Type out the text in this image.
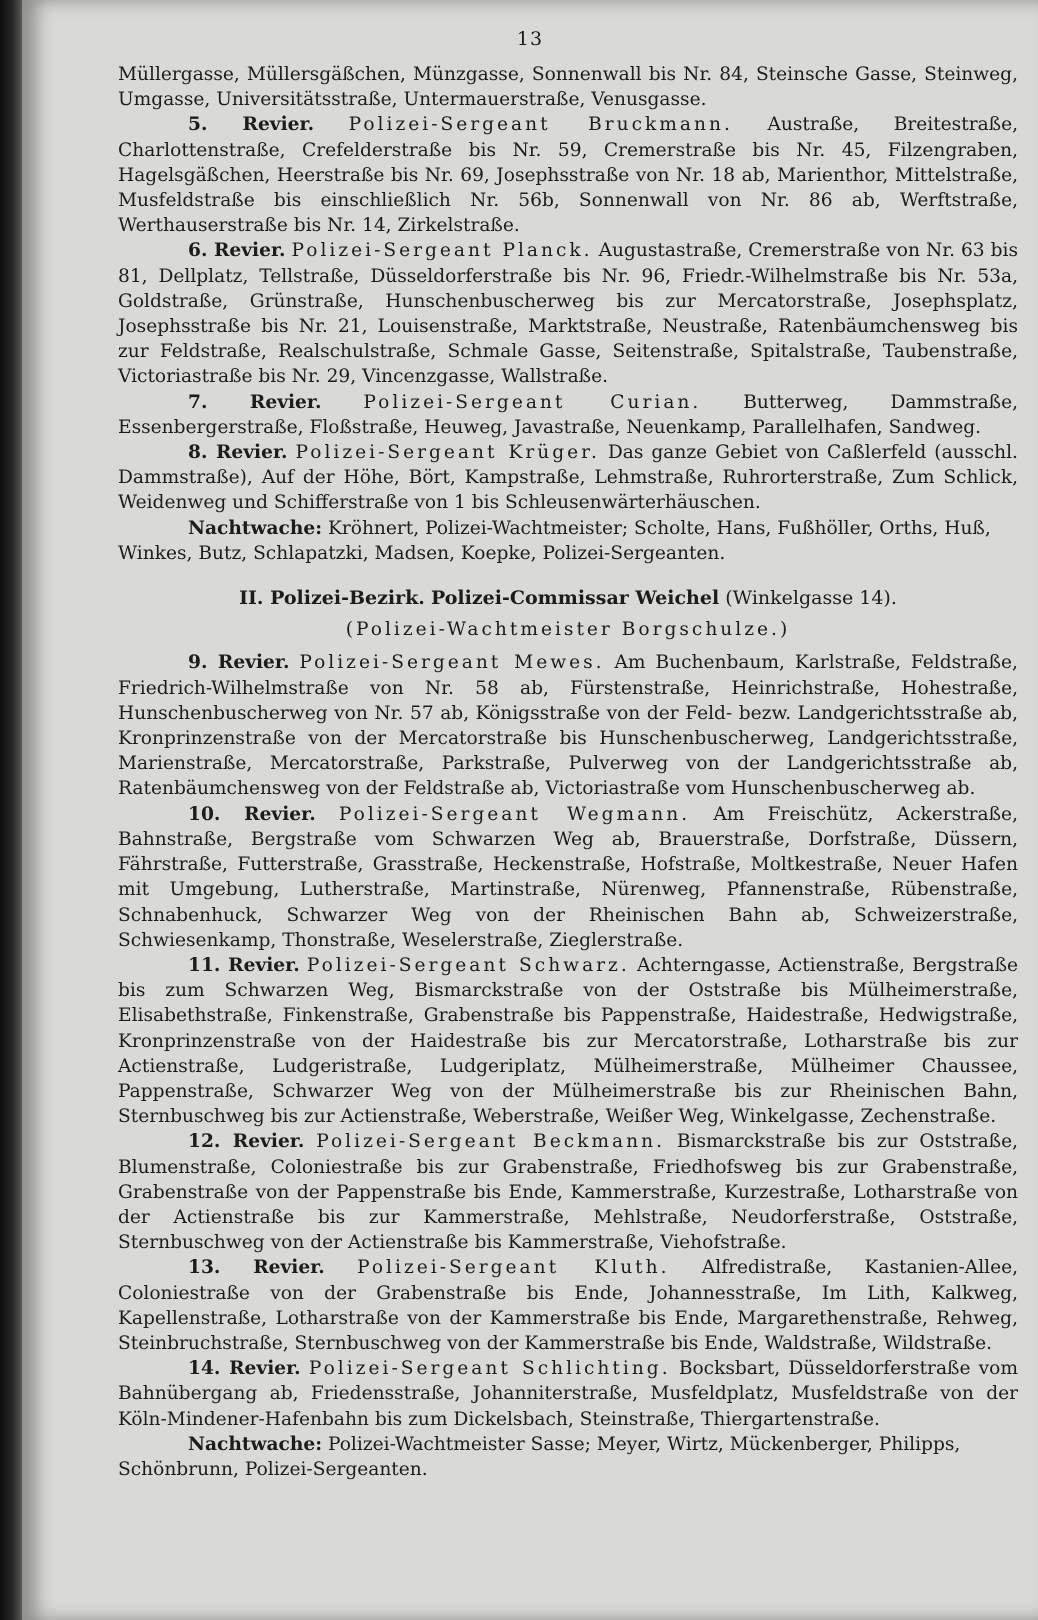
13

Müllergasse, Müllersgäßchen, Münzgasse, Sonnenwall bis Nr. 84, Steinsche Gasse, Steinweg, Umgasse, Universitätsstraße, Untermauerstraße, Venusgasse.

5. Revier. Polizei-Sergeant Bruckmann. Austraße, Breitestraße, Charlottenstraße, Crefelderstraße bis Nr. 59, Cremerstraße bis Nr. 45, Filzengraben, Hagelsgäßchen, Heerstraße bis Nr. 69, Josephsstraße von Nr. 18 ab, Marienthor, Mittelstraße, Musfeldstraße bis einschließlich Nr. 56b, Sonnenwall von Nr. 86 ab, Werftstraße, Werthauserstraße bis Nr. 14, Zirkelstraße.

6. Revier. Polizei-Sergeant Planck. Augustastraße, Cremerstraße von Nr. 63 bis 81, Dellplatz, Tellstraße, Düsseldorferstraße bis Nr. 96, Friedr.-Wilhelmstraße bis Nr. 53a, Goldstraße, Grünstraße, Hunschenbuscherweg bis zur Mercatorstraße, Josephsplatz, Josephsstraße bis Nr. 21, Louisenstraße, Marktstraße, Neustraße, Ratenbäumchensweg bis zur Feldstraße, Realschulstraße, Schmale Gasse, Seitenstraße, Spitalstraße, Taubenstraße, Victoriastraße bis Nr. 29, Vincenzgasse, Wallstraße.

7. Revier. Polizei-Sergeant Curian. Butterweg, Dammstraße, Essenbergerstraße, Floßstraße, Heuweg, Javastraße, Neuenkamp, Parallelhafen, Sandweg.

8. Revier. Polizei-Sergeant Krüger. Das ganze Gebiet von Caßlerfeld (ausschl. Dammstraße), Auf der Höhe, Bört, Kampstraße, Lehmstraße, Ruhrorterstraße, Zum Schlick, Weidenweg und Schifferstraße von 1 bis Schleusenwärterhäuschen.

Nachtwache: Kröhnert, Polizei-Wachtmeister; Scholte, Hans, Fußhöller, Orths, Huß, Winkes, Butz, Schlapatzki, Madsen, Koepke, Polizei-Sergeanten.

II. Polizei-Bezirk. Polizei-Commissar Weichel (Winkelgasse 14).
(Polizei-Wachtmeister Borgschulze.)

9. Revier. Polizei-Sergeant Mewes. Am Buchenbaum, Karlstraße, Feldstraße, Friedrich-Wilhelmstraße von Nr. 58 ab, Fürstenstraße, Heinrichstraße, Hohestraße, Hunschenbuscherweg von Nr. 57 ab, Königsstraße von der Feld- bezw. Landgerichtsstraße ab, Kronprinzenstraße von der Mercatorstraße bis Hunschenbuscherweg, Landgerichtsstraße, Marienstraße, Mercatorstraße, Parkstraße, Pulverweg von der Landgerichtsstraße ab, Ratenbäumchensweg von der Feldstraße ab, Victoriastraße vom Hunschenbuscherweg ab.

10. Revier. Polizei-Sergeant Wegmann. Am Freischütz, Ackerstraße, Bahnstraße, Bergstraße vom Schwarzen Weg ab, Brauerstraße, Dorfstraße, Düssern, Fährstraße, Futterstraße, Grasstraße, Heckenstraße, Hofstraße, Moltkestraße, Neuer Hafen mit Umgebung, Lutherstraße, Martinstraße, Nürenweg, Pfannenstraße, Rübenstraße, Schnabenhuck, Schwarzer Weg von der Rheinischen Bahn ab, Schweizerstraße, Schwiesenkamp, Thonstraße, Weselerstraße, Zieglerstraße.

11. Revier. Polizei-Sergeant Schwarz. Achterngasse, Actienstraße, Bergstraße bis zum Schwarzen Weg, Bismarckstraße von der Oststraße bis Mülheimerstraße, Elisabethstraße, Finkenstraße, Grabenstraße bis Pappenstraße, Haidestraße, Hedwigstraße, Kronprinzenstraße von der Haidestraße bis zur Mercatorstraße, Lotharstraße bis zur Actienstraße, Ludgeristraße, Ludgeriplatz, Mülheimerstraße, Mülheimer Chaussee, Pappenstraße, Schwarzer Weg von der Mülheimerstraße bis zur Rheinischen Bahn, Sternbuschweg bis zur Actienstraße, Weberstraße, Weißer Weg, Winkelgasse, Zechenstraße.

12. Revier. Polizei-Sergeant Beckmann. Bismarckstraße bis zur Oststraße, Blumenstraße, Coloniestraße bis zur Grabenstraße, Friedhofsweg bis zur Grabenstraße, Grabenstraße von der Pappenstraße bis Ende, Kammerstraße, Kurzestraße, Lotharstraße von der Actienstraße bis zur Kammerstraße, Mehlstraße, Neudorferstraße, Oststraße, Sternbuschweg von der Actienstraße bis Kammerstraße, Viehofstraße.

13. Revier. Polizei-Sergeant Kluth. Alfredistraße, Kastanien-Allee, Coloniestraße von der Grabenstraße bis Ende, Johannesstraße, Im Lith, Kalkweg, Kapellenstraße, Lotharstraße von der Kammerstraße bis Ende, Margarethenstraße, Rehweg, Steinbruchstraße, Sternbuschweg von der Kammerstraße bis Ende, Waldstraße, Wildstraße.

14. Revier. Polizei-Sergeant Schlichting. Bocksbart, Düsseldorferstraße vom Bahnübergang ab, Friedensstraße, Johanniterstraße, Musfeldplatz, Musfeldstraße von der Köln-Mindener-Hafenbahn bis zum Dickelsbach, Steinstraße, Thiergartenstraße.

Nachtwache: Polizei-Wachtmeister Sasse; Meyer, Wirtz, Mückenberger, Philipps, Schönbrunn, Polizei-Sergeanten.
